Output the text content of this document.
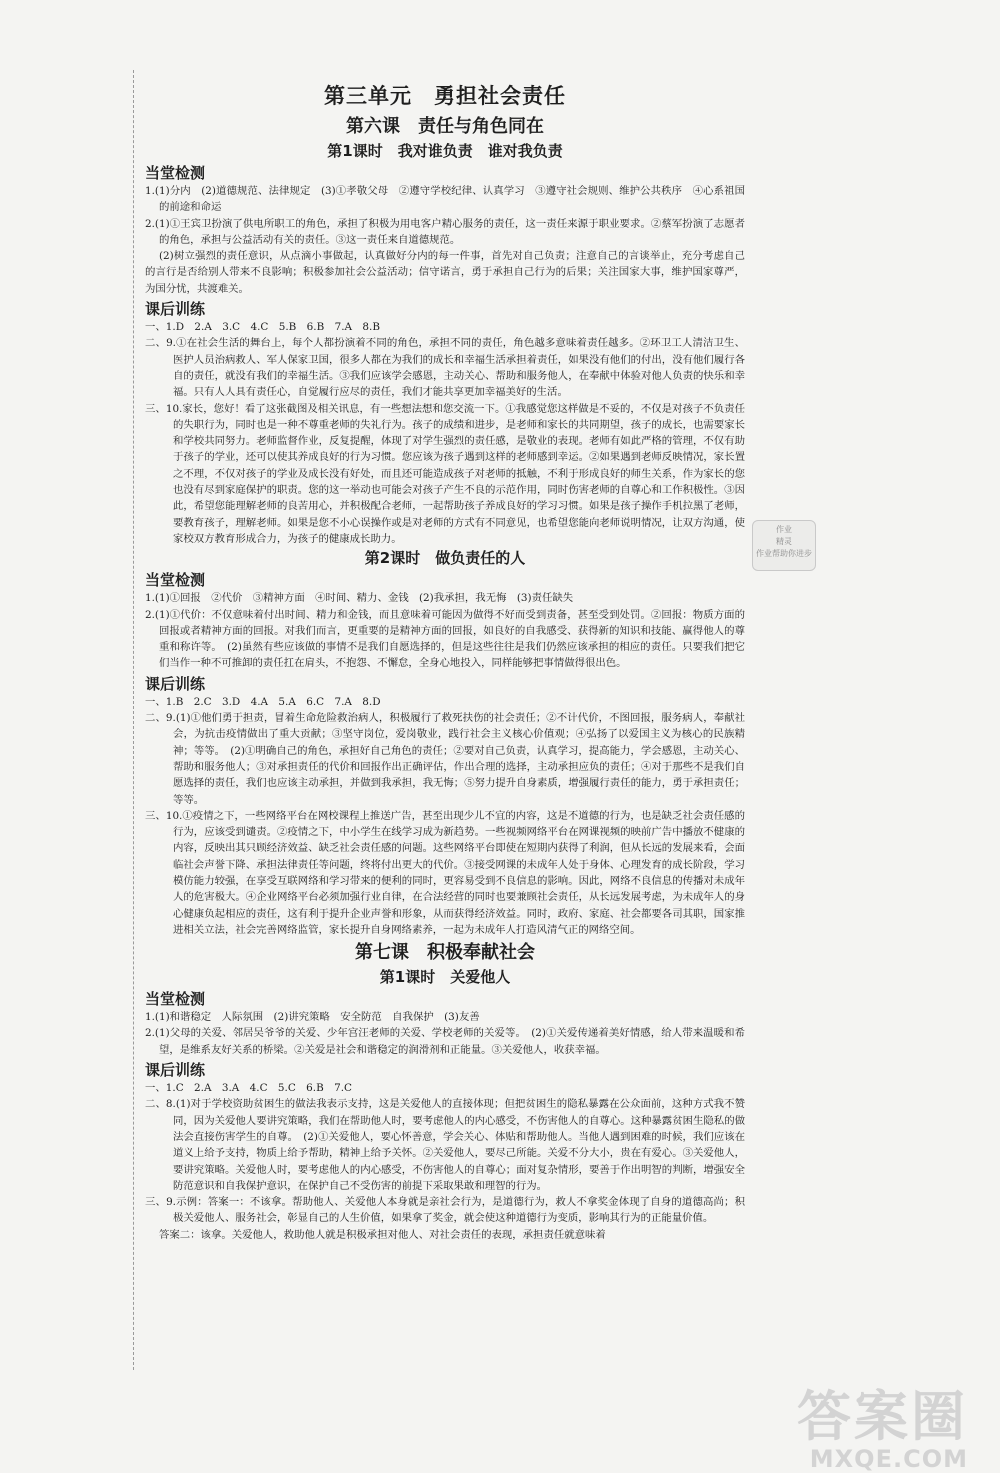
第三单元　勇担社会责任
第六课　责任与角色同在
第1课时　我对谁负责　谁对我负责
当堂检测

1.(1)分内　(2)道德规范、法律规定　(3)①孝敬父母　②遵守学校纪律、认真学习　③遵守社会规则、维护公共秩序　④心系祖国的前途和命运

2.(1)①王宾卫扮演了供电所职工的角色，承担了积极为用电客户精心服务的责任，这一责任来源于职业要求。②蔡军扮演了志愿者的角色，承担与公益活动有关的责任。③这一责任来自道德规范。

(2)树立强烈的责任意识，从点滴小事做起，认真做好分内的每一件事，首先对自己负责；注意自己的言谈举止，充分考虑自己的言行是否给别人带来不良影响；积极参加社会公益活动；信守诺言，勇于承担自己行为的后果；关注国家大事，维护国家尊严，为国分忧，共渡难关。

课后训练

一、1.D　2.A　3.C　4.C　5.B　6.B　7.A　8.B

二、9.①在社会生活的舞台上，每个人都扮演着不同的角色，承担不同的责任，角色越多意味着责任越多。②环卫工人清洁卫生、医护人员治病救人、军人保家卫国，很多人都在为我们的成长和幸福生活承担着责任，如果没有他们的付出，没有他们履行各自的责任，就没有我们的幸福生活。③我们应该学会感恩，主动关心、帮助和服务他人，在奉献中体验对他人负责的快乐和幸福。只有人人具有责任心，自觉履行应尽的责任，我们才能共享更加幸福美好的生活。

三、10.家长，您好！看了这张截图及相关讯息，有一些想法想和您交流一下。①我感觉您这样做是不妥的，不仅是对孩子不负责任的失职行为，同时也是一种不尊重老师的失礼行为。孩子的成绩和进步，是老师和家长的共同期望，孩子的成长，也需要家长和学校共同努力。老师监督作业，反复提醒，体现了对学生强烈的责任感，是敬业的表现。老师有如此严格的管理，不仅有助于孩子的学业，还可以使其养成良好的行为习惯。您应该为孩子遇到这样的老师感到幸运。②如果遇到老师反映情况，家长置之不理，不仅对孩子的学业及成长没有好处，而且还可能造成孩子对老师的抵触，不利于形成良好的师生关系，作为家长的您也没有尽到家庭保护的职责。您的这一举动也可能会对孩子产生不良的示范作用，同时伤害老师的自尊心和工作积极性。③因此，希望您能理解老师的良苦用心，并积极配合老师，一起帮助孩子养成良好的学习习惯。如果是孩子操作手机拉黑了老师，要教育孩子，理解老师。如果是您不小心误操作或是对老师的方式有不同意见，也希望您能向老师说明情况，让双方沟通，使家校双方教育形成合力，为孩子的健康成长助力。

第2课时　做负责任的人
当堂检测

1.(1)①回报　②代价　③精神方面　④时间、精力、金钱　(2)我承担，我无悔　(3)责任缺失

2.(1)①代价：不仅意味着付出时间、精力和金钱，而且意味着可能因为做得不好而受到责备，甚至受到处罚。②回报：物质方面的回报或者精神方面的回报。对我们而言，更重要的是精神方面的回报，如良好的自我感受、获得新的知识和技能、赢得他人的尊重和称许等。　(2)虽然有些应该做的事情不是我们自愿选择的，但是这些往往是我们仍然应该承担的相应的责任。只要我们把它们当作一种不可推卸的责任扛在肩头，不抱怨、不懈怠，全身心地投入，同样能够把事情做得很出色。

课后训练

一、1.B　2.C　3.D　4.A　5.A　6.C　7.A　8.D

二、9.(1)①他们勇于担责，冒着生命危险救治病人，积极履行了救死扶伤的社会责任；②不计代价，不图回报，服务病人，奉献社会，为抗击疫情做出了重大贡献；③坚守岗位，爱岗敬业，践行社会主义核心价值观；④弘扬了以爱国主义为核心的民族精神；等等。　(2)①明确自己的角色，承担好自己角色的责任；②要对自己负责，认真学习，提高能力，学会感恩，主动关心、帮助和服务他人；③对承担责任的代价和回报作出正确评估，作出合理的选择，主动承担应负的责任；④对于那些不是我们自愿选择的责任，我们也应该主动承担，并做到我承担，我无悔；⑤努力提升自身素质，增强履行责任的能力，勇于承担责任；等等。

三、10.①疫情之下，一些网络平台在网校课程上推送广告，甚至出现少儿不宜的内容，这是不道德的行为，也是缺乏社会责任感的行为，应该受到谴责。②疫情之下，中小学生在线学习成为新趋势。一些视频网络平台在网课视频的映前广告中播放不健康的内容，反映出其只顾经济效益、缺乏社会责任感的问题。这些网络平台即使在短期内获得了利润，但从长远的发展来看，会面临社会声誉下降、承担法律责任等问题，终将付出更大的代价。③接受网课的未成年人处于身体、心理发育的成长阶段，学习模仿能力较强，在享受互联网络和学习带来的便利的同时，更容易受到不良信息的影响。因此，网络不良信息的传播对未成年人的危害极大。④企业网络平台必须加强行业自律，在合法经营的同时也要兼顾社会责任，从长远发展考虑，为未成年人的身心健康负起相应的责任，这有利于提升企业声誉和形象，从而获得经济效益。同时，政府、家庭、社会都要各司其职，国家推进相关立法，社会完善网络监管，家长提升自身网络素养，一起为未成年人打造风清气正的网络空间。

第七课　积极奉献社会
第1课时　关爱他人
当堂检测

1.(1)和谐稳定　人际氛围　(2)讲究策略　安全防范　自我保护　(3)友善

2.(1)父母的关爱、邻居吴爷爷的关爱、少年宫汪老师的关爱、学校老师的关爱等。　(2)①关爱传递着美好情感，给人带来温暖和希望，是维系友好关系的桥梁。②关爱是社会和谐稳定的润滑剂和正能量。③关爱他人，收获幸福。

课后训练

一、1.C　2.A　3.A　4.C　5.C　6.B　7.C

二、8.(1)对于学校资助贫困生的做法我表示支持，这是关爱他人的直接体现；但把贫困生的隐私暴露在公众面前，这种方式我不赞同，因为关爱他人要讲究策略，我们在帮助他人时，要考虑他人的内心感受，不伤害他人的自尊心。这种暴露贫困生隐私的做法会直接伤害学生的自尊。　(2)①关爱他人，要心怀善意，学会关心、体贴和帮助他人。当他人遇到困难的时候，我们应该在道义上给予支持，物质上给予帮助，精神上给予关怀。②关爱他人，要尽己所能。关爱不分大小，贵在有爱心。③关爱他人，要讲究策略。关爱他人时，要考虑他人的内心感受，不伤害他人的自尊心；面对复杂情形，要善于作出明智的判断，增强安全防范意识和自我保护意识，在保护自己不受伤害的前提下采取果敢和理智的行为。

三、9.示例：答案一：不该拿。帮助他人、关爱他人本身就是亲社会行为，是道德行为，救人不拿奖金体现了自身的道德高尚；积极关爱他人、服务社会，彰显自己的人生价值，如果拿了奖金，就会使这种道德行为变质，影响其行为的正能量价值。

答案二：该拿。关爱他人，救助他人就是积极承担对他人、对社会责任的表现，承担责任就意味着

作业
精灵
作业帮助你进步
答案圈
MXQE.COM
